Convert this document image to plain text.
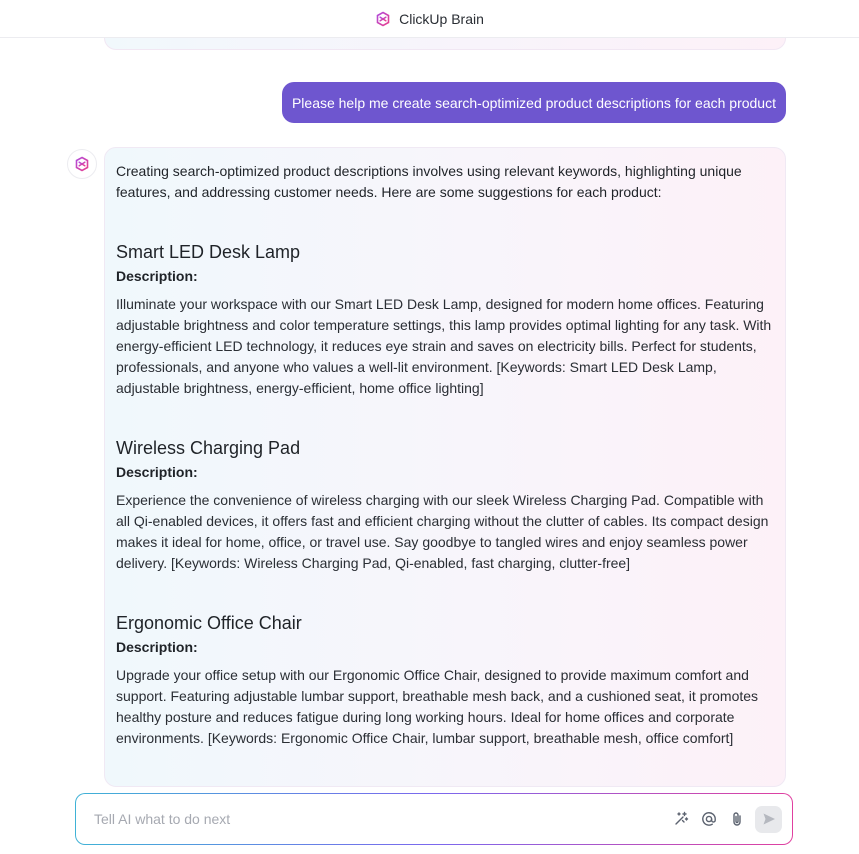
ClickUp Brain
Please help me create search-optimized product descriptions for each product

Creating search-optimized product descriptions involves using relevant keywords, highlighting unique features, and addressing customer needs. Here are some suggestions for each product:

Smart LED Desk Lamp
Description:

Illuminate your workspace with our Smart LED Desk Lamp, designed for modern home offices. Featuring adjustable brightness and color temperature settings, this lamp provides optimal lighting for any task. With energy-efficient LED technology, it reduces eye strain and saves on electricity bills. Perfect for students, professionals, and anyone who values a well-lit environment. [Keywords: Smart LED Desk Lamp, adjustable brightness, energy-efficient, home office lighting]

Wireless Charging Pad
Description:

Experience the convenience of wireless charging with our sleek Wireless Charging Pad. Compatible with all Qi-enabled devices, it offers fast and efficient charging without the clutter of cables. Its compact design makes it ideal for home, office, or travel use. Say goodbye to tangled wires and enjoy seamless power delivery. [Keywords: Wireless Charging Pad, Qi-enabled, fast charging, clutter-free]

Ergonomic Office Chair
Description:

Upgrade your office setup with our Ergonomic Office Chair, designed to provide maximum comfort and support. Featuring adjustable lumbar support, breathable mesh back, and a cushioned seat, it promotes healthy posture and reduces fatigue during long working hours. Ideal for home offices and corporate environments. [Keywords: Ergonomic Office Chair, lumbar support, breathable mesh, office comfort]

Tell AI what to do next
